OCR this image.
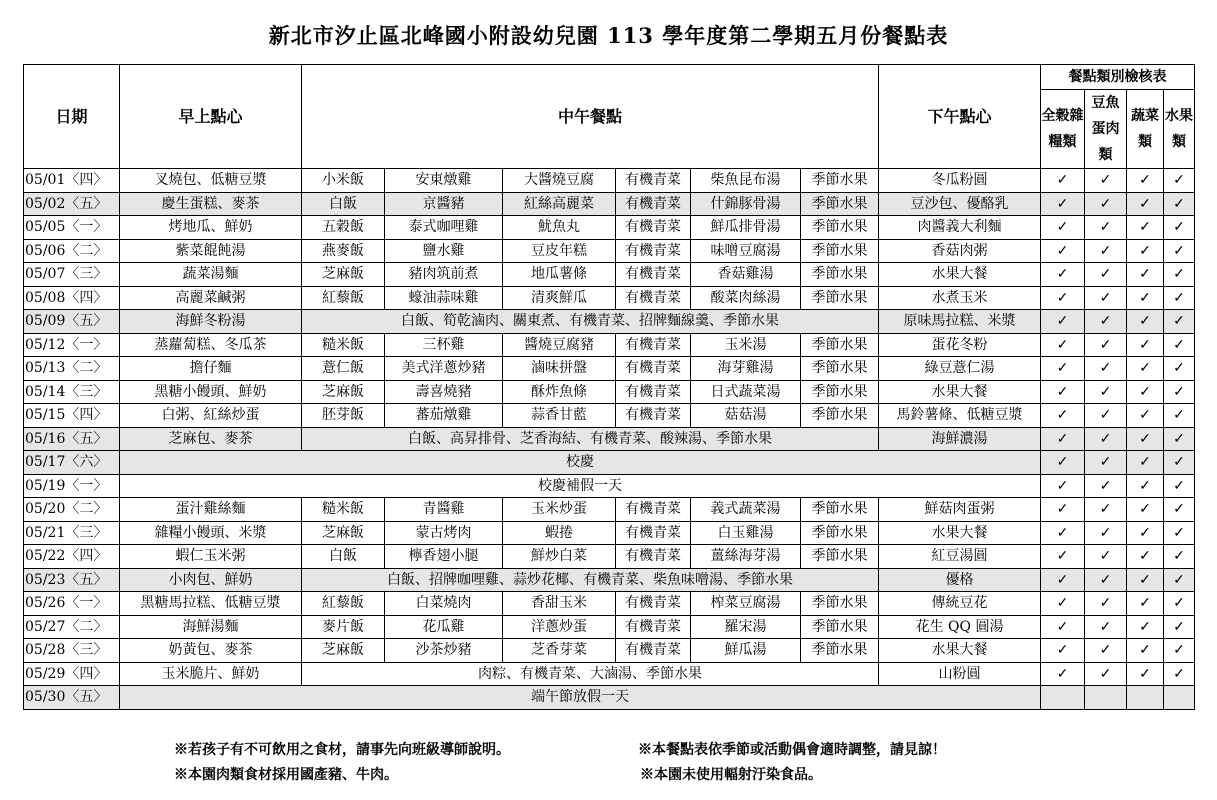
新北市汐止區北峰國小附設幼兒園 113 學年度第二學期五月份餐點表
日期	早上點心	中午餐點						下午點心	餐點類別檢核表			
									全穀雜糧類	豆魚蛋肉類	蔬菜類	水果類
05/01〈四〉	叉燒包、低糖豆漿	小米飯	安東燉雞	大醬燒豆腐	有機青菜	柴魚昆布湯	季節水果	冬瓜粉圓	✓	✓	✓	✓
05/02〈五〉	慶生蛋糕、麥茶	白飯	京醬豬	紅絲高麗菜	有機青菜	什錦豚骨湯	季節水果	豆沙包、優酪乳	✓	✓	✓	✓
05/05〈一〉	烤地瓜、鮮奶	五穀飯	泰式咖哩雞	魷魚丸	有機青菜	鮮瓜排骨湯	季節水果	肉醬義大利麵	✓	✓	✓	✓
05/06〈二〉	紫菜餛飩湯	燕麥飯	鹽水雞	豆皮年糕	有機青菜	味噌豆腐湯	季節水果	香菇肉粥	✓	✓	✓	✓
05/07〈三〉	蔬菜湯麵	芝麻飯	豬肉筑前煮	地瓜薯條	有機青菜	香菇雞湯	季節水果	水果大餐	✓	✓	✓	✓
05/08〈四〉	高麗菜鹹粥	紅藜飯	蠔油蒜味雞	清爽鮮瓜	有機青菜	酸菜肉絲湯	季節水果	水煮玉米	✓	✓	✓	✓
05/09〈五〉	海鮮冬粉湯	白飯、筍乾滷肉、關東煮、有機青菜、招牌麵線羹、季節水果						原味馬拉糕、米漿	✓	✓	✓	✓
05/12〈一〉	蒸蘿蔔糕、冬瓜茶	糙米飯	三杯雞	醬燒豆腐豬	有機青菜	玉米湯	季節水果	蛋花冬粉	✓	✓	✓	✓
05/13〈二〉	擔仔麵	薏仁飯	美式洋蔥炒豬	滷味拼盤	有機青菜	海芽雞湯	季節水果	綠豆薏仁湯	✓	✓	✓	✓
05/14〈三〉	黑糖小饅頭、鮮奶	芝麻飯	壽喜燒豬	酥炸魚條	有機青菜	日式蔬菜湯	季節水果	水果大餐	✓	✓	✓	✓
05/15〈四〉	白粥、紅絲炒蛋	胚芽飯	蕃茄燉雞	蒜香甘藍	有機青菜	菇菇湯	季節水果	馬鈴薯條、低糖豆漿	✓	✓	✓	✓
05/16〈五〉	芝麻包、麥茶	白飯、高昇排骨、芝香海結、有機青菜、酸辣湯、季節水果						海鮮濃湯	✓	✓	✓	✓
05/17〈六〉	校慶								✓	✓	✓	✓
05/19〈一〉	校慶補假一天								✓	✓	✓	✓
05/20〈二〉	蛋汁雞絲麵	糙米飯	青醬雞	玉米炒蛋	有機青菜	義式蔬菜湯	季節水果	鮮菇肉蛋粥	✓	✓	✓	✓
05/21〈三〉	雜糧小饅頭、米漿	芝麻飯	蒙古烤肉	蝦捲	有機青菜	白玉雞湯	季節水果	水果大餐	✓	✓	✓	✓
05/22〈四〉	蝦仁玉米粥	白飯	檸香翅小腿	鮮炒白菜	有機青菜	薑絲海芽湯	季節水果	紅豆湯圓	✓	✓	✓	✓
05/23〈五〉	小肉包、鮮奶	白飯、招牌咖哩雞、蒜炒花椰、有機青菜、柴魚味噌湯、季節水果						優格	✓	✓	✓	✓
05/26〈一〉	黑糖馬拉糕、低糖豆漿	紅藜飯	白菜燒肉	香甜玉米	有機青菜	榨菜豆腐湯	季節水果	傳統豆花	✓	✓	✓	✓
05/27〈二〉	海鮮湯麵	麥片飯	花瓜雞	洋蔥炒蛋	有機青菜	羅宋湯	季節水果	花生 QQ 圓湯	✓	✓	✓	✓
05/28〈三〉	奶黃包、麥茶	芝麻飯	沙茶炒豬	芝香芽菜	有機青菜	鮮瓜湯	季節水果	水果大餐	✓	✓	✓	✓
05/29〈四〉	玉米脆片、鮮奶	肉粽、有機青菜、大滷湯、季節水果						山粉圓	✓	✓	✓	✓
05/30〈五〉	端午節放假一天											
※若孩子有不可飲用之食材，請事先向班級導師說明。	※本餐點表依季節或活動偶會適時調整，請見諒！
※本園肉類食材採用國產豬、牛肉。	※本園未使用輻射汙染食品。
